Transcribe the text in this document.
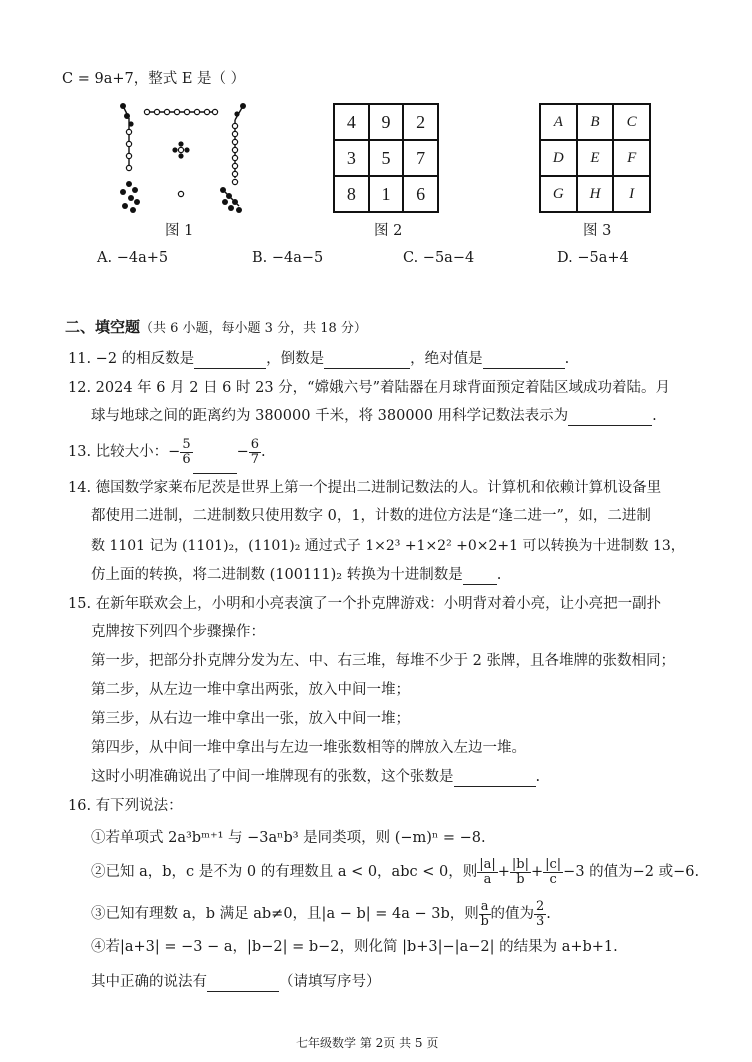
C = 9a+7，整式 E 是（ ）
图 1
4	9	2
3	5	7
8	1	6
图 2
A	B	C
D	E	F
G	H	I
图 3
A. −4a+5	B. −4a−5	C. −5a−4	D. −5a+4
二、填空题（共 6 小题，每小题 3 分，共 18 分）
11. −2 的相反数是	，倒数是	，绝对值是	.
12. 2024 年 6 月 2 日 6 时 23 分，“嫦娥六号”着陆器在月球背面预定着陆区域成功着陆。月
球与地球之间的距离约为 380000 千米，将 380000 用科学记数法表示为	.
13. 比较大小：− $\frac{5}{6}$	− $\frac{6}{7}$ .
14. 德国数学家莱布尼茨是世界上第一个提出二进制记数法的人。计算机和依赖计算机设备里
都使用二进制，二进制数只使用数字 0，1，计数的进位方法是“逢二进一”，如，二进制
数 1101 记为 (1101)₂，(1101)₂ 通过式子 1×2³ +1×2² +0×2+1 可以转换为十进制数 13，
仿上面的转换，将二进制数 (100111)₂ 转换为十进制数是 .
15. 在新年联欢会上，小明和小亮表演了一个扑克牌游戏：小明背对着小亮，让小亮把一副扑
克牌按下列四个步骤操作：
第一步，把部分扑克牌分发为左、中、右三堆，每堆不少于 2 张牌，且各堆牌的张数相同；
第二步，从左边一堆中拿出两张，放入中间一堆；
第三步，从右边一堆中拿出一张，放入中间一堆；
第四步，从中间一堆中拿出与左边一堆张数相等的牌放入左边一堆。
这时小明准确说出了中间一堆牌现有的张数，这个张数是	.
16. 有下列说法：
①若单项式 2a³bᵐ⁺¹ 与 −3aⁿb³ 是同类项，则 (−m)ⁿ = −8.
②已知 a，b，c 是不为 0 的有理数且 a < 0，abc < 0，则 $\frac{|a|}{a} + \frac{|b|}{b} + \frac{|c|}{c} -3$ 的值为−2 或−6.
③已知有理数 a，b 满足 ab≠0，且|a − b| = 4a − 3b，则 $\frac{a}{b}$ 的值为 $\frac{2}{3}$ .
④若|a+3| = −3 − a，|b−2| = b−2，则化简 |b+3|−|a−2| 的结果为 a+b+1.
其中正确的说法有	（请填写序号）
七年级数学 第 2页 共 5 页
